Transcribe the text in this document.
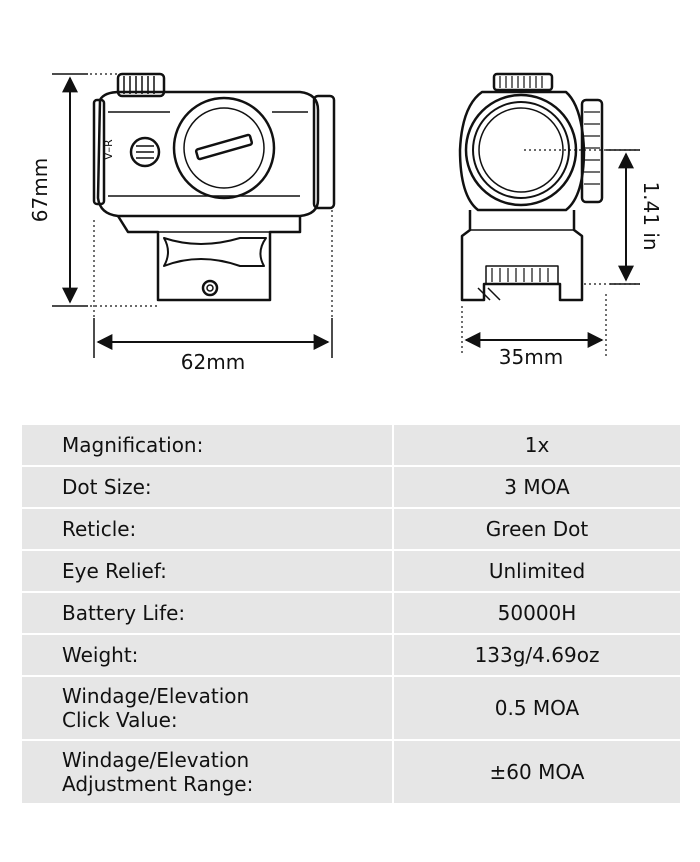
V–R
67mm
62mm
1.41 in
35mm
Magnification:	1x

Dot Size:	3 MOA

Reticle:	Green Dot

Eye Relief:	Unlimited

Battery Life:	50000H

Weight:	133g/4.69oz

Windage/Elevation
Click Value:	0.5 MOA

Windage/Elevation
Adjustment Range:	±60 MOA
